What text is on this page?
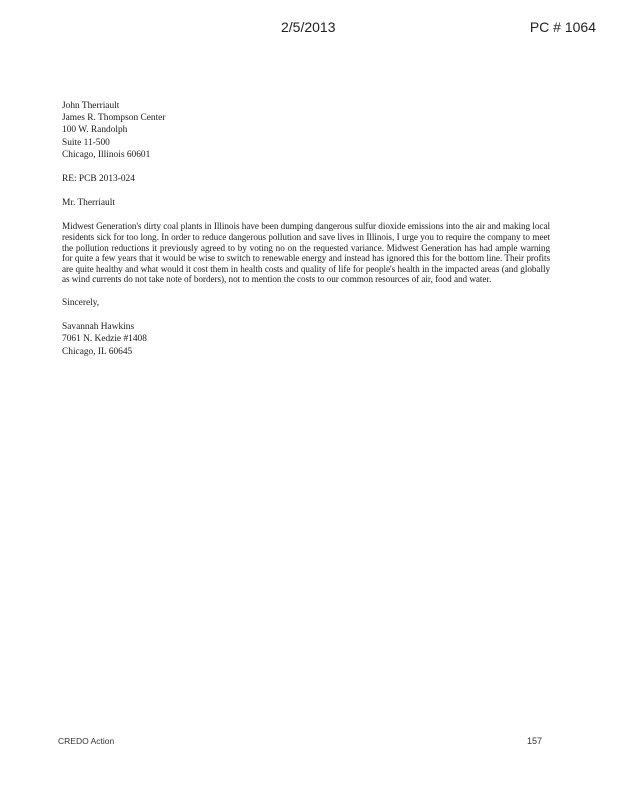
2/5/2013	PC # 1064
John Therriault
James R. Thompson Center
100 W. Randolph
Suite 11-500
Chicago, Illinois 60601
RE: PCB 2013-024
Mr. Therriault
Midwest Generation's dirty coal plants in Illinois have been dumping dangerous sulfur dioxide emissions into the air and making local residents sick for too long. In order to reduce dangerous pollution and save lives in Illinois, I urge you to require the company to meet the pollution reductions it previously agreed to by voting no on the requested variance. Midwest Generation has had ample warning for quite a few years that it would be wise to switch to renewable energy and instead has ignored this for the bottom line. Their profits are quite healthy and what would it cost them in health costs and quality of life for people's health in the impacted areas (and globally as wind currents do not take note of borders), not to mention the costs to our common resources of air, food and water.
Sincerely,
Savannah Hawkins
7061 N. Kedzie #1408
Chicago, IL 60645
CREDO Action	157
